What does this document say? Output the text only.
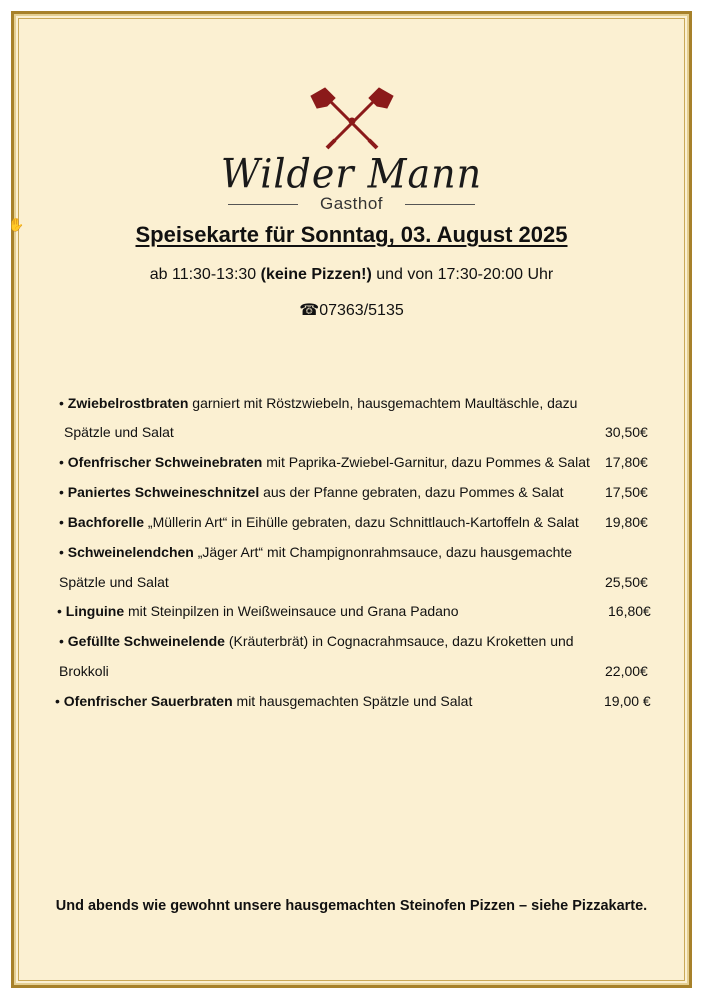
✋
Wilder Mann
Gasthof
Speisekarte für Sonntag, 03. August 2025
ab 11:30-13:30 (keine Pizzen!) und von 17:30-20:00 Uhr
☎07363/5135
• Zwiebelrostbraten garniert mit Röstzwiebeln, hausgemachtem Maultäschle, dazu
Spätzle und Salat	30,50€
• Ofenfrischer Schweinebraten mit Paprika-Zwiebel-Garnitur, dazu Pommes & Salat 17,80€
• Paniertes Schweineschnitzel aus der Pfanne gebraten, dazu Pommes & Salat	17,50€
• Bachforelle „Müllerin Art“ in Eihülle gebraten, dazu Schnittlauch-Kartoffeln & Salat 19,80€
• Schweinelendchen „Jäger Art“ mit Champignonrahmsauce, dazu hausgemachte
Spätzle und Salat	25,50€
• Linguine mit Steinpilzen in Weißweinsauce und Grana Padano	16,80€
• Gefüllte Schweinelende (Kräuterbrät) in Cognacrahmsauce, dazu Kroketten und
Brokkoli	22,00€
• Ofenfrischer Sauerbraten mit hausgemachten Spätzle und Salat	19,00 €
Und abends wie gewohnt unsere hausgemachten Steinofen Pizzen – siehe Pizzakarte.
